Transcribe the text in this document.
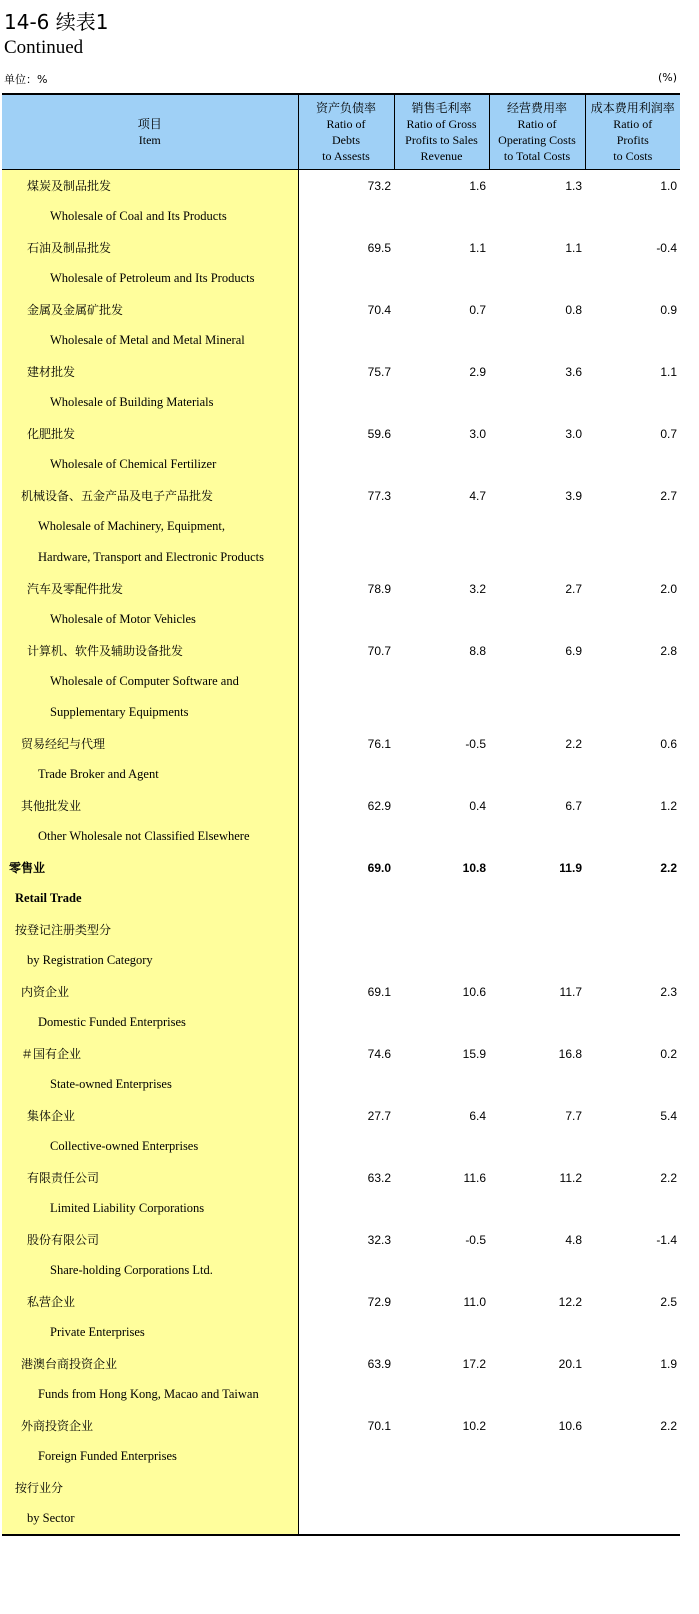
14-6 续表1
Continued
单位：%	(%)
项目
Item	资产负债率
Ratio of
Debts
to Assests	销售毛利率
Ratio of Gross
Profits to Sales
Revenue	经营费用率
Ratio of
Operating Costs
to Total Costs	成本费用利润率
Ratio of
Profits
to Costs

煤炭及制品批发	73.2	1.6	1.3	1.0
Wholesale of Coal and Its Products				
石油及制品批发	69.5	1.1	1.1	-0.4
Wholesale of Petroleum and Its Products				
金属及金属矿批发	70.4	0.7	0.8	0.9
Wholesale of Metal and Metal Mineral				
建材批发	75.7	2.9	3.6	1.1
Wholesale of Building Materials				
化肥批发	59.6	3.0	3.0	0.7
Wholesale of Chemical Fertilizer				
机械设备、五金产品及电子产品批发	77.3	4.7	3.9	2.7
Wholesale of Machinery, Equipment,				
Hardware, Transport and Electronic Products				
汽车及零配件批发	78.9	3.2	2.7	2.0
Wholesale of Motor Vehicles				
计算机、软件及辅助设备批发	70.7	8.8	6.9	2.8
Wholesale of Computer Software and				
Supplementary Equipments				
贸易经纪与代理	76.1	-0.5	2.2	0.6
Trade Broker and Agent				
其他批发业	62.9	0.4	6.7	1.2
Other Wholesale not Classified Elsewhere				
零售业	69.0	10.8	11.9	2.2
Retail Trade				
按登记注册类型分				
by Registration Category				
内资企业	69.1	10.6	11.7	2.3
Domestic Funded Enterprises				
＃国有企业	74.6	15.9	16.8	0.2
State-owned Enterprises				
集体企业	27.7	6.4	7.7	5.4
Collective-owned Enterprises				
有限责任公司	63.2	11.6	11.2	2.2
Limited Liability Corporations				
股份有限公司	32.3	-0.5	4.8	-1.4
Share-holding Corporations Ltd.				
私营企业	72.9	11.0	12.2	2.5
Private Enterprises				
港澳台商投资企业	63.9	17.2	20.1	1.9
Funds from Hong Kong, Macao and Taiwan				
外商投资企业	70.1	10.2	10.6	2.2
Foreign Funded Enterprises				
按行业分				
by Sector				
